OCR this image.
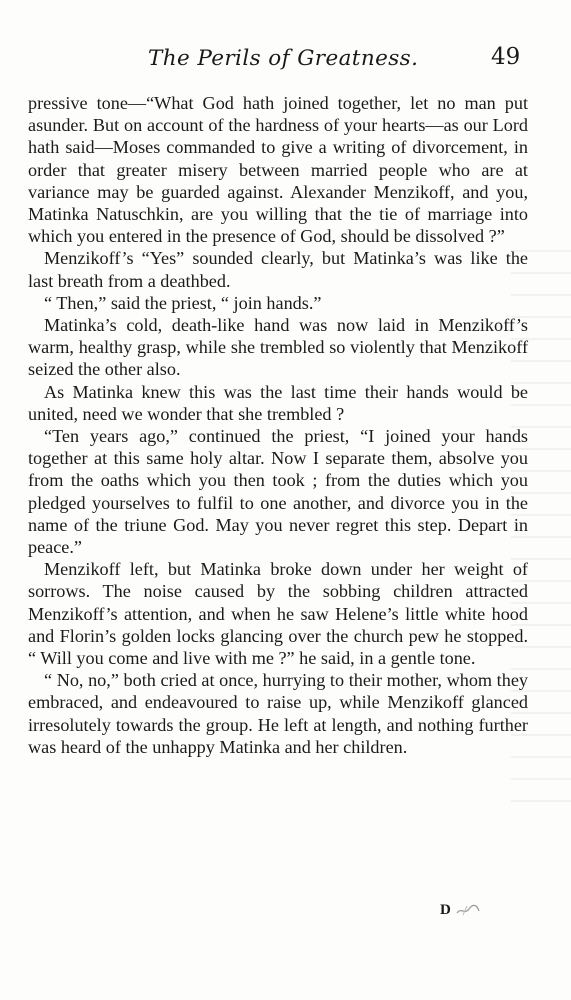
The Perils of Greatness.	49

pressive tone—“What God hath joined together, let no man put asunder. But on account of the hardness of your hearts—as our Lord hath said—Moses commanded to give a writing of divorcement, in order that greater misery between married people who are at variance may be guarded against. Alexander Menzikoff, and you, Matinka Natuschkin, are you willing that the tie of marriage into which you entered in the presence of God, should be dissolved ?”

Menzikoff’s “Yes” sounded clearly, but Matinka’s was like the last breath from a deathbed.

“ Then,” said the priest, “ join hands.”

Matinka’s cold, death-like hand was now laid in Menzikoff’s warm, healthy grasp, while she trembled so violently that Menzikoff seized the other also.

As Matinka knew this was the last time their hands would be united, need we wonder that she trembled ?

“Ten years ago,” continued the priest, “I joined your hands together at this same holy altar. Now I separate them, absolve you from the oaths which you then took ; from the duties which you pledged yourselves to fulfil to one another, and divorce you in the name of the triune God. May you never regret this step. Depart in peace.”

Menzikoff left, but Matinka broke down under her weight of sorrows. The noise caused by the sobbing children attracted Menzikoff’s attention, and when he saw Helene’s little white hood and Florin’s golden locks glancing over the church pew he stopped. “ Will you come and live with me ?” he said, in a gentle tone.

“ No, no,” both cried at once, hurrying to their mother, whom they embraced, and endeavoured to raise up, while Menzikoff glanced irresolutely towards the group. He left at length, and nothing further was heard of the unhappy Matinka and her children.

D
